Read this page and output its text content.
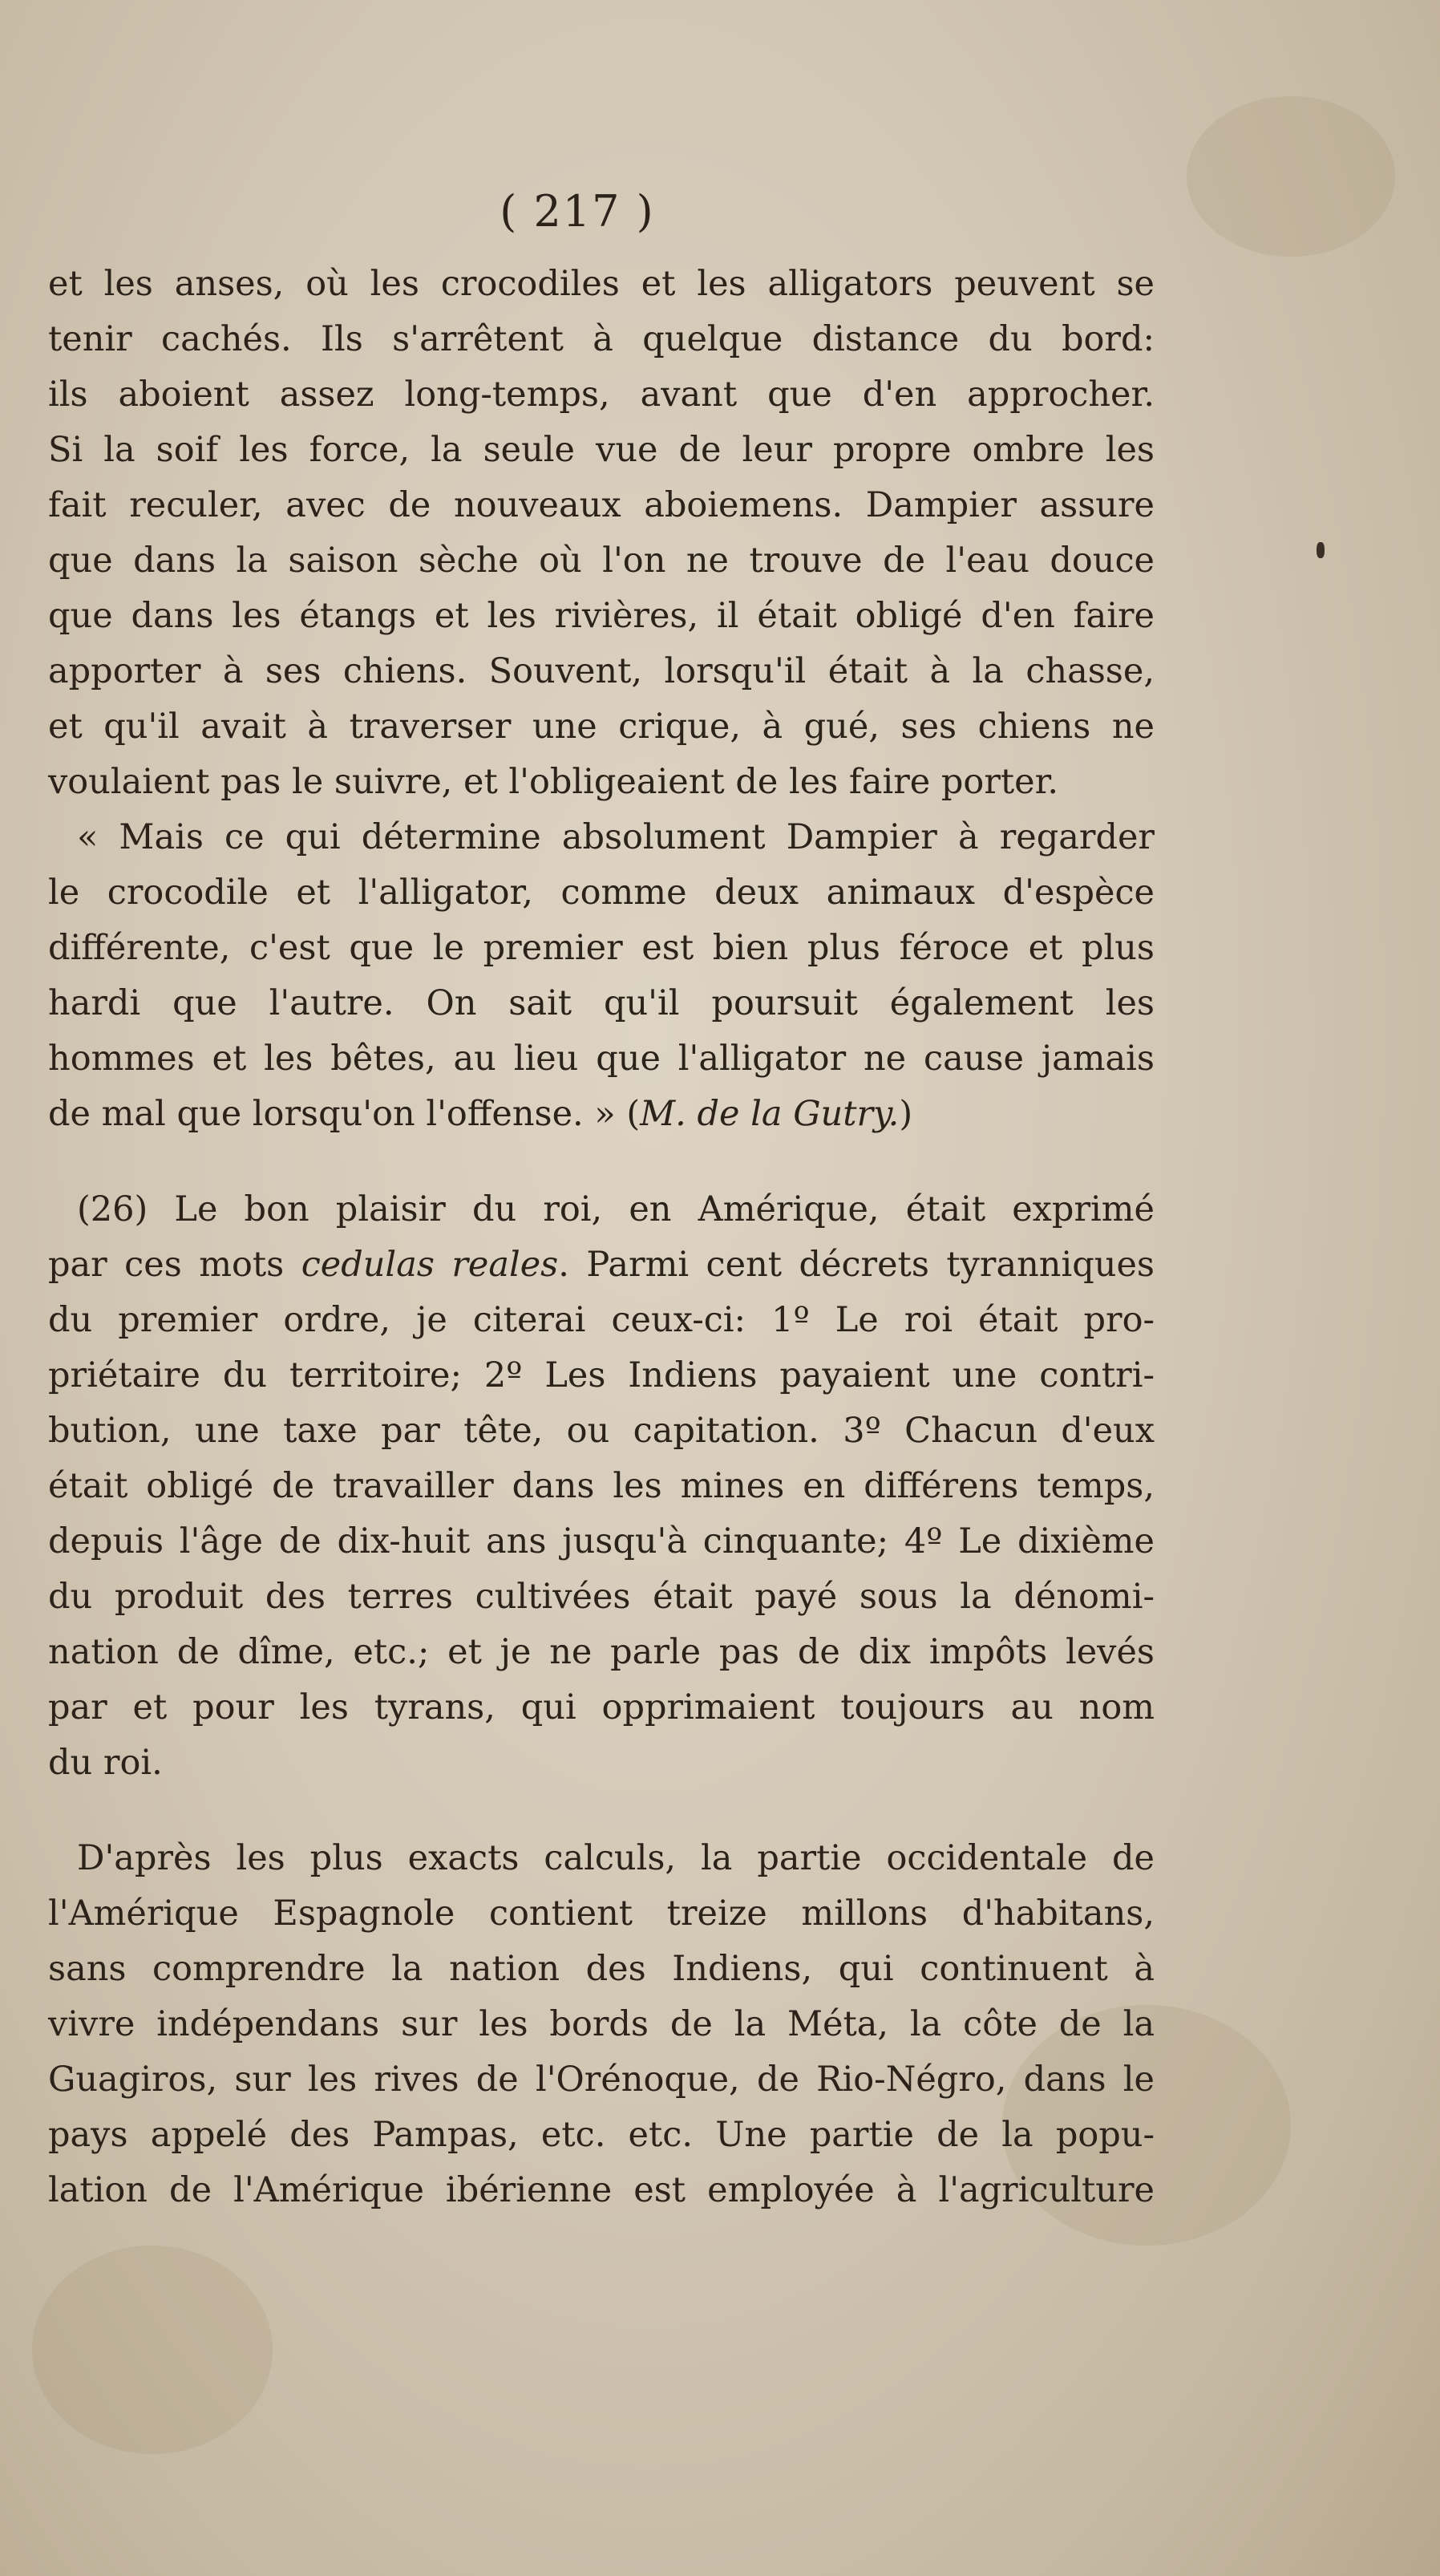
( 217 )
et les anses, où les crocodiles et les alligators peuvent se
tenir cachés. Ils s'arrêtent à quelque distance du bord:
ils aboient assez long-temps, avant que d'en approcher.
Si la soif les force, la seule vue de leur propre ombre les
fait reculer, avec de nouveaux aboiemens. Dampier assure
que dans la saison sèche où l'on ne trouve de l'eau douce
que dans les étangs et les rivières, il était obligé d'en faire
apporter à ses chiens. Souvent, lorsqu'il était à la chasse,
et qu'il avait à traverser une crique, à gué, ses chiens ne
voulaient pas le suivre, et l'obligeaient de les faire porter.
« Mais ce qui détermine absolument Dampier à regarder
le crocodile et l'alligator, comme deux animaux d'espèce
différente, c'est que le premier est bien plus féroce et plus
hardi que l'autre. On sait qu'il poursuit également les
hommes et les bêtes, au lieu que l'alligator ne cause jamais
de mal que lorsqu'on l'offense. » (M. de la Gutry.)
(26) Le bon plaisir du roi, en Amérique, était exprimé
par ces mots cedulas reales. Parmi cent décrets tyranniques
du premier ordre, je citerai ceux-ci: 1º Le roi était pro-
priétaire du territoire; 2º Les Indiens payaient une contri-
bution, une taxe par tête, ou capitation. 3º Chacun d'eux
était obligé de travailler dans les mines en différens temps,
depuis l'âge de dix-huit ans jusqu'à cinquante; 4º Le dixième
du produit des terres cultivées était payé sous la dénomi-
nation de dîme, etc.; et je ne parle pas de dix impôts levés
par et pour les tyrans, qui opprimaient toujours au nom
du roi.
D'après les plus exacts calculs, la partie occidentale de
l'Amérique Espagnole contient treize millons d'habitans,
sans comprendre la nation des Indiens, qui continuent à
vivre indépendans sur les bords de la Méta, la côte de la
Guagiros, sur les rives de l'Orénoque, de Rio-Négro, dans le
pays appelé des Pampas, etc. etc. Une partie de la popu-
lation de l'Amérique ibérienne est employée à l'agriculture
